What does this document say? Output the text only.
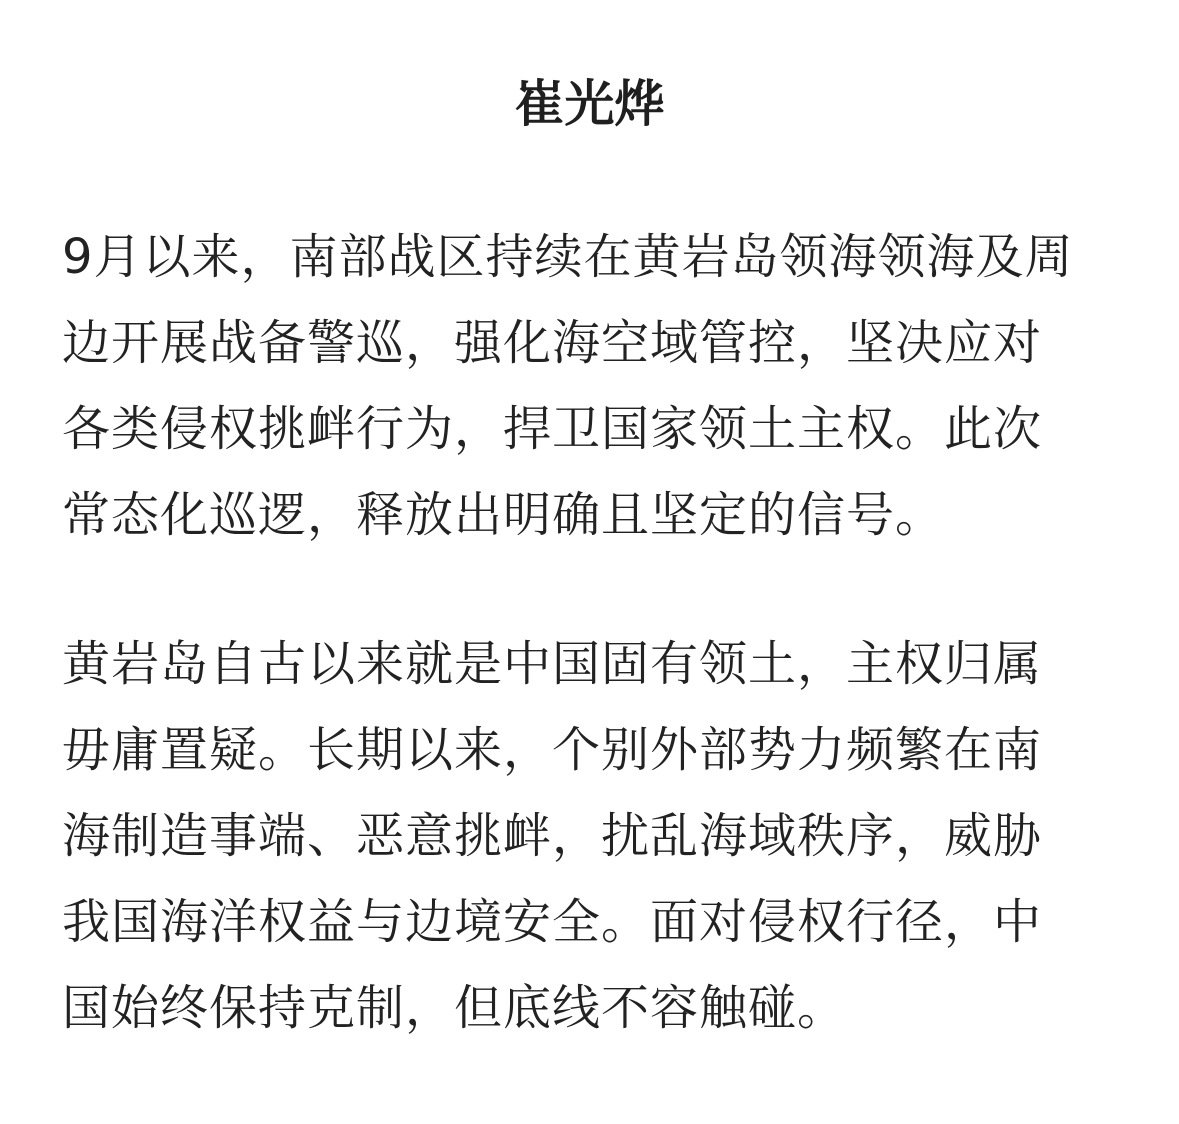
崔光烨
9月以来，南部战区持续在黄岩岛领海领海及周
边开展战备警巡，强化海空域管控，坚决应对
各类侵权挑衅行为，捍卫国家领土主权。此次
常态化巡逻，释放出明确且坚定的信号。
黄岩岛自古以来就是中国固有领土，主权归属
毋庸置疑。长期以来，个别外部势力频繁在南
海制造事端、恶意挑衅，扰乱海域秩序，威胁
我国海洋权益与边境安全。面对侵权行径，中
国始终保持克制，但底线不容触碰。
